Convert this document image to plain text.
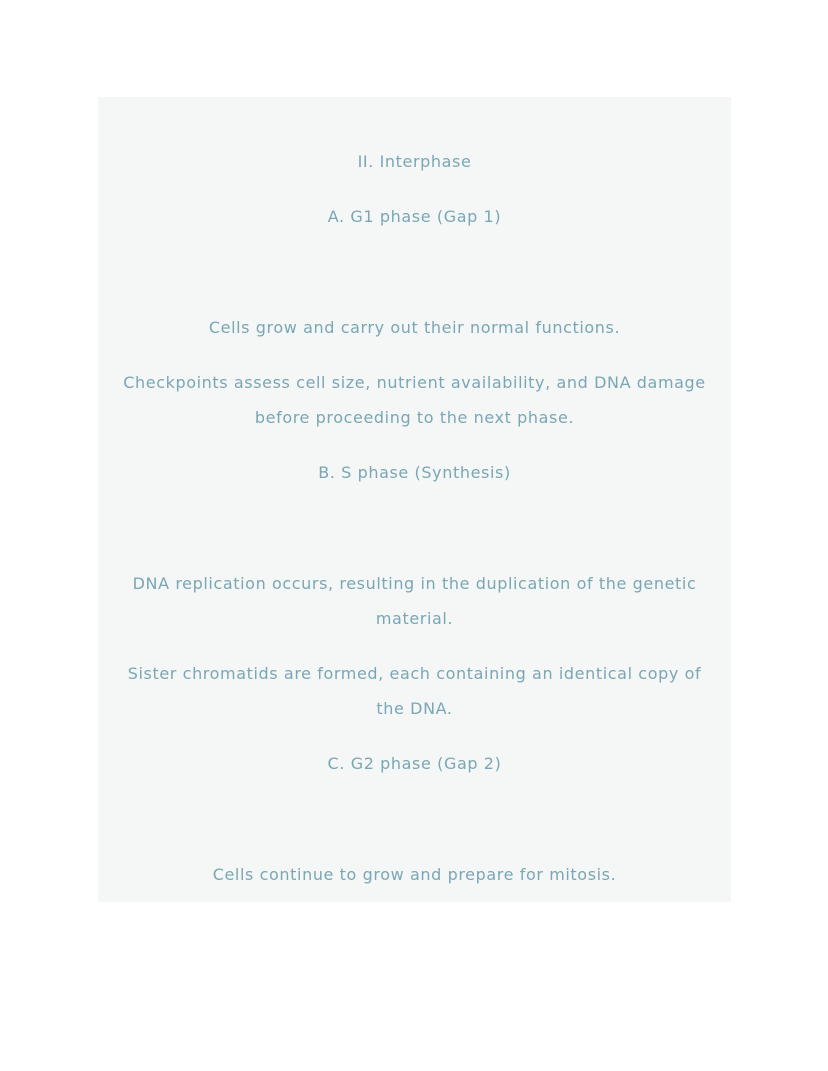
II. Interphase
A. G1 phase (Gap 1)
Cells grow and carry out their normal functions.
Checkpoints assess cell size, nutrient availability, and DNA damage
before proceeding to the next phase.
B. S phase (Synthesis)
DNA replication occurs, resulting in the duplication of the genetic
material.
Sister chromatids are formed, each containing an identical copy of
the DNA.
C. G2 phase (Gap 2)
Cells continue to grow and prepare for mitosis.
